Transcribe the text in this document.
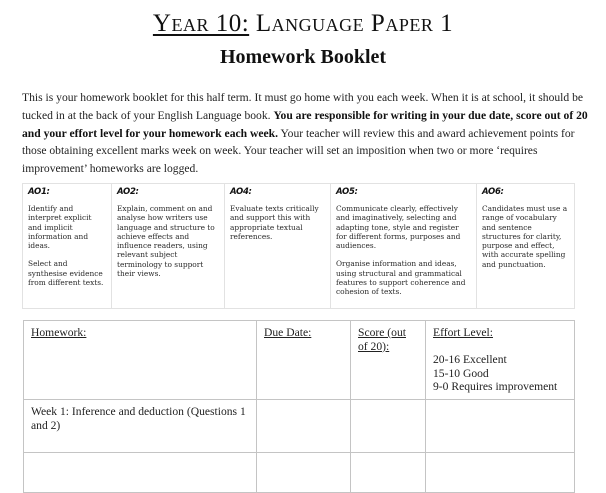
Year 10: Language Paper 1
Homework Booklet
This is your homework booklet for this half term. It must go home with you each week. When it is at school, it should be tucked in at the back of your English Language book. You are responsible for writing in your due date, score out of 20 and your effort level for your homework each week. Your teacher will review this and award achievement points for those obtaining excellent marks week on week. Your teacher will set an imposition when two or more ‘requires improvement’ homeworks are logged.
AO1:
Identify and interpret explicit and implicit information and ideas.
Select and synthesise evidence from different texts.

AO2:
Explain, comment on and analyse how writers use language and structure to achieve effects and influence readers, using relevant subject terminology to support their views.

AO4:
Evaluate texts critically and support this with appropriate textual references.

AO5:
Communicate clearly, effectively and imaginatively, selecting and adapting tone, style and register for different forms, purposes and audiences.
Organise information and ideas, using structural and grammatical features to support coherence and cohesion of texts.

AO6:
Candidates must use a range of vocabulary and sentence structures for clarity, purpose and effect, with accurate spelling and punctuation.
Homework:	Due Date:	Score (out of 20):	Effort Level:
20-16 Excellent
15-10 Good
9-0 Requires improvement

Week 1: Inference and deduction (Questions 1 and 2)			
